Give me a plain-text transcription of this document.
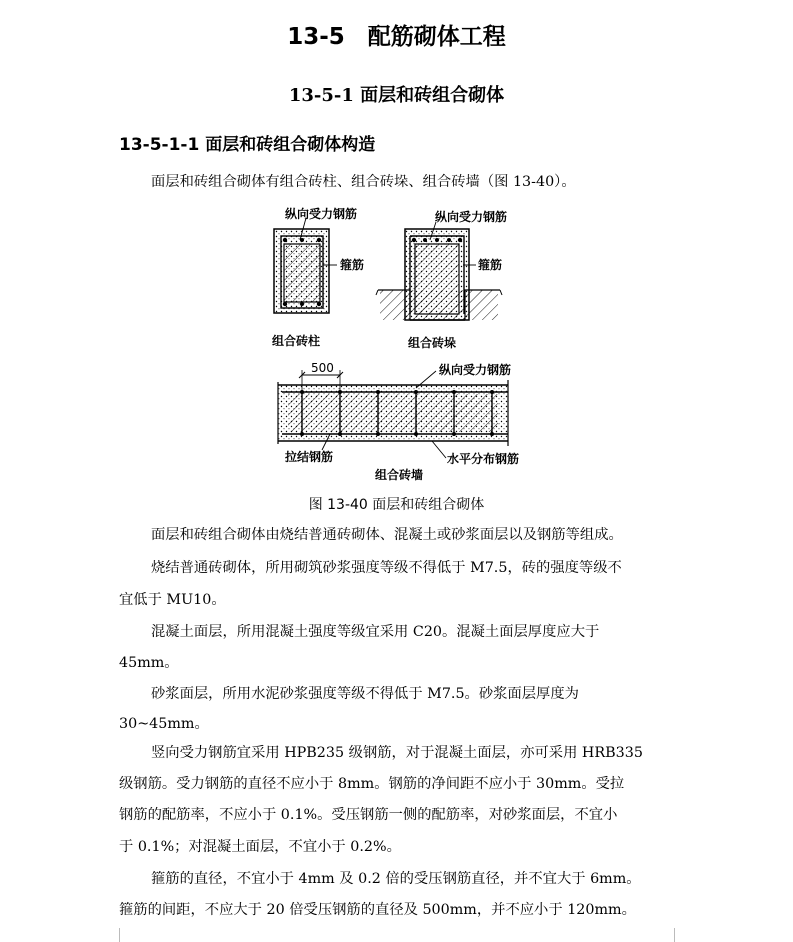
13-5　配筋砌体工程
13-5-1 面层和砖组合砌体
13-5-1-1 面层和砖组合砌体构造
面层和砖组合砌体有组合砖柱、组合砖垛、组合砖墙（图 13-40）。
纵向受力钢筋	纵向受力钢筋
箍筋	箍筋
组合砖柱	组合砖垛
500	纵向受力钢筋
拉结钢筋	水平分布钢筋
组合砖墙
图 13-40 面层和砖组合砌体
面层和砖组合砌体由烧结普通砖砌体、混凝土或砂浆面层以及钢筋等组成。
烧结普通砖砌体，所用砌筑砂浆强度等级不得低于 M7.5，砖的强度等级不
宜低于 MU10。
混凝土面层，所用混凝土强度等级宜采用 C20。混凝土面层厚度应大于
45mm。
砂浆面层，所用水泥砂浆强度等级不得低于 M7.5。砂浆面层厚度为
30~45mm。
竖向受力钢筋宜采用 HPB235 级钢筋，对于混凝土面层，亦可采用 HRB335
级钢筋。受力钢筋的直径不应小于 8mm。钢筋的净间距不应小于 30mm。受拉
钢筋的配筋率，不应小于 0.1%。受压钢筋一侧的配筋率，对砂浆面层，不宜小
于 0.1%；对混凝土面层，不宜小于 0.2%。
箍筋的直径，不宜小于 4mm 及 0.2 倍的受压钢筋直径，并不宜大于 6mm。
箍筋的间距，不应大于 20 倍受压钢筋的直径及 500mm，并不应小于 120mm。
